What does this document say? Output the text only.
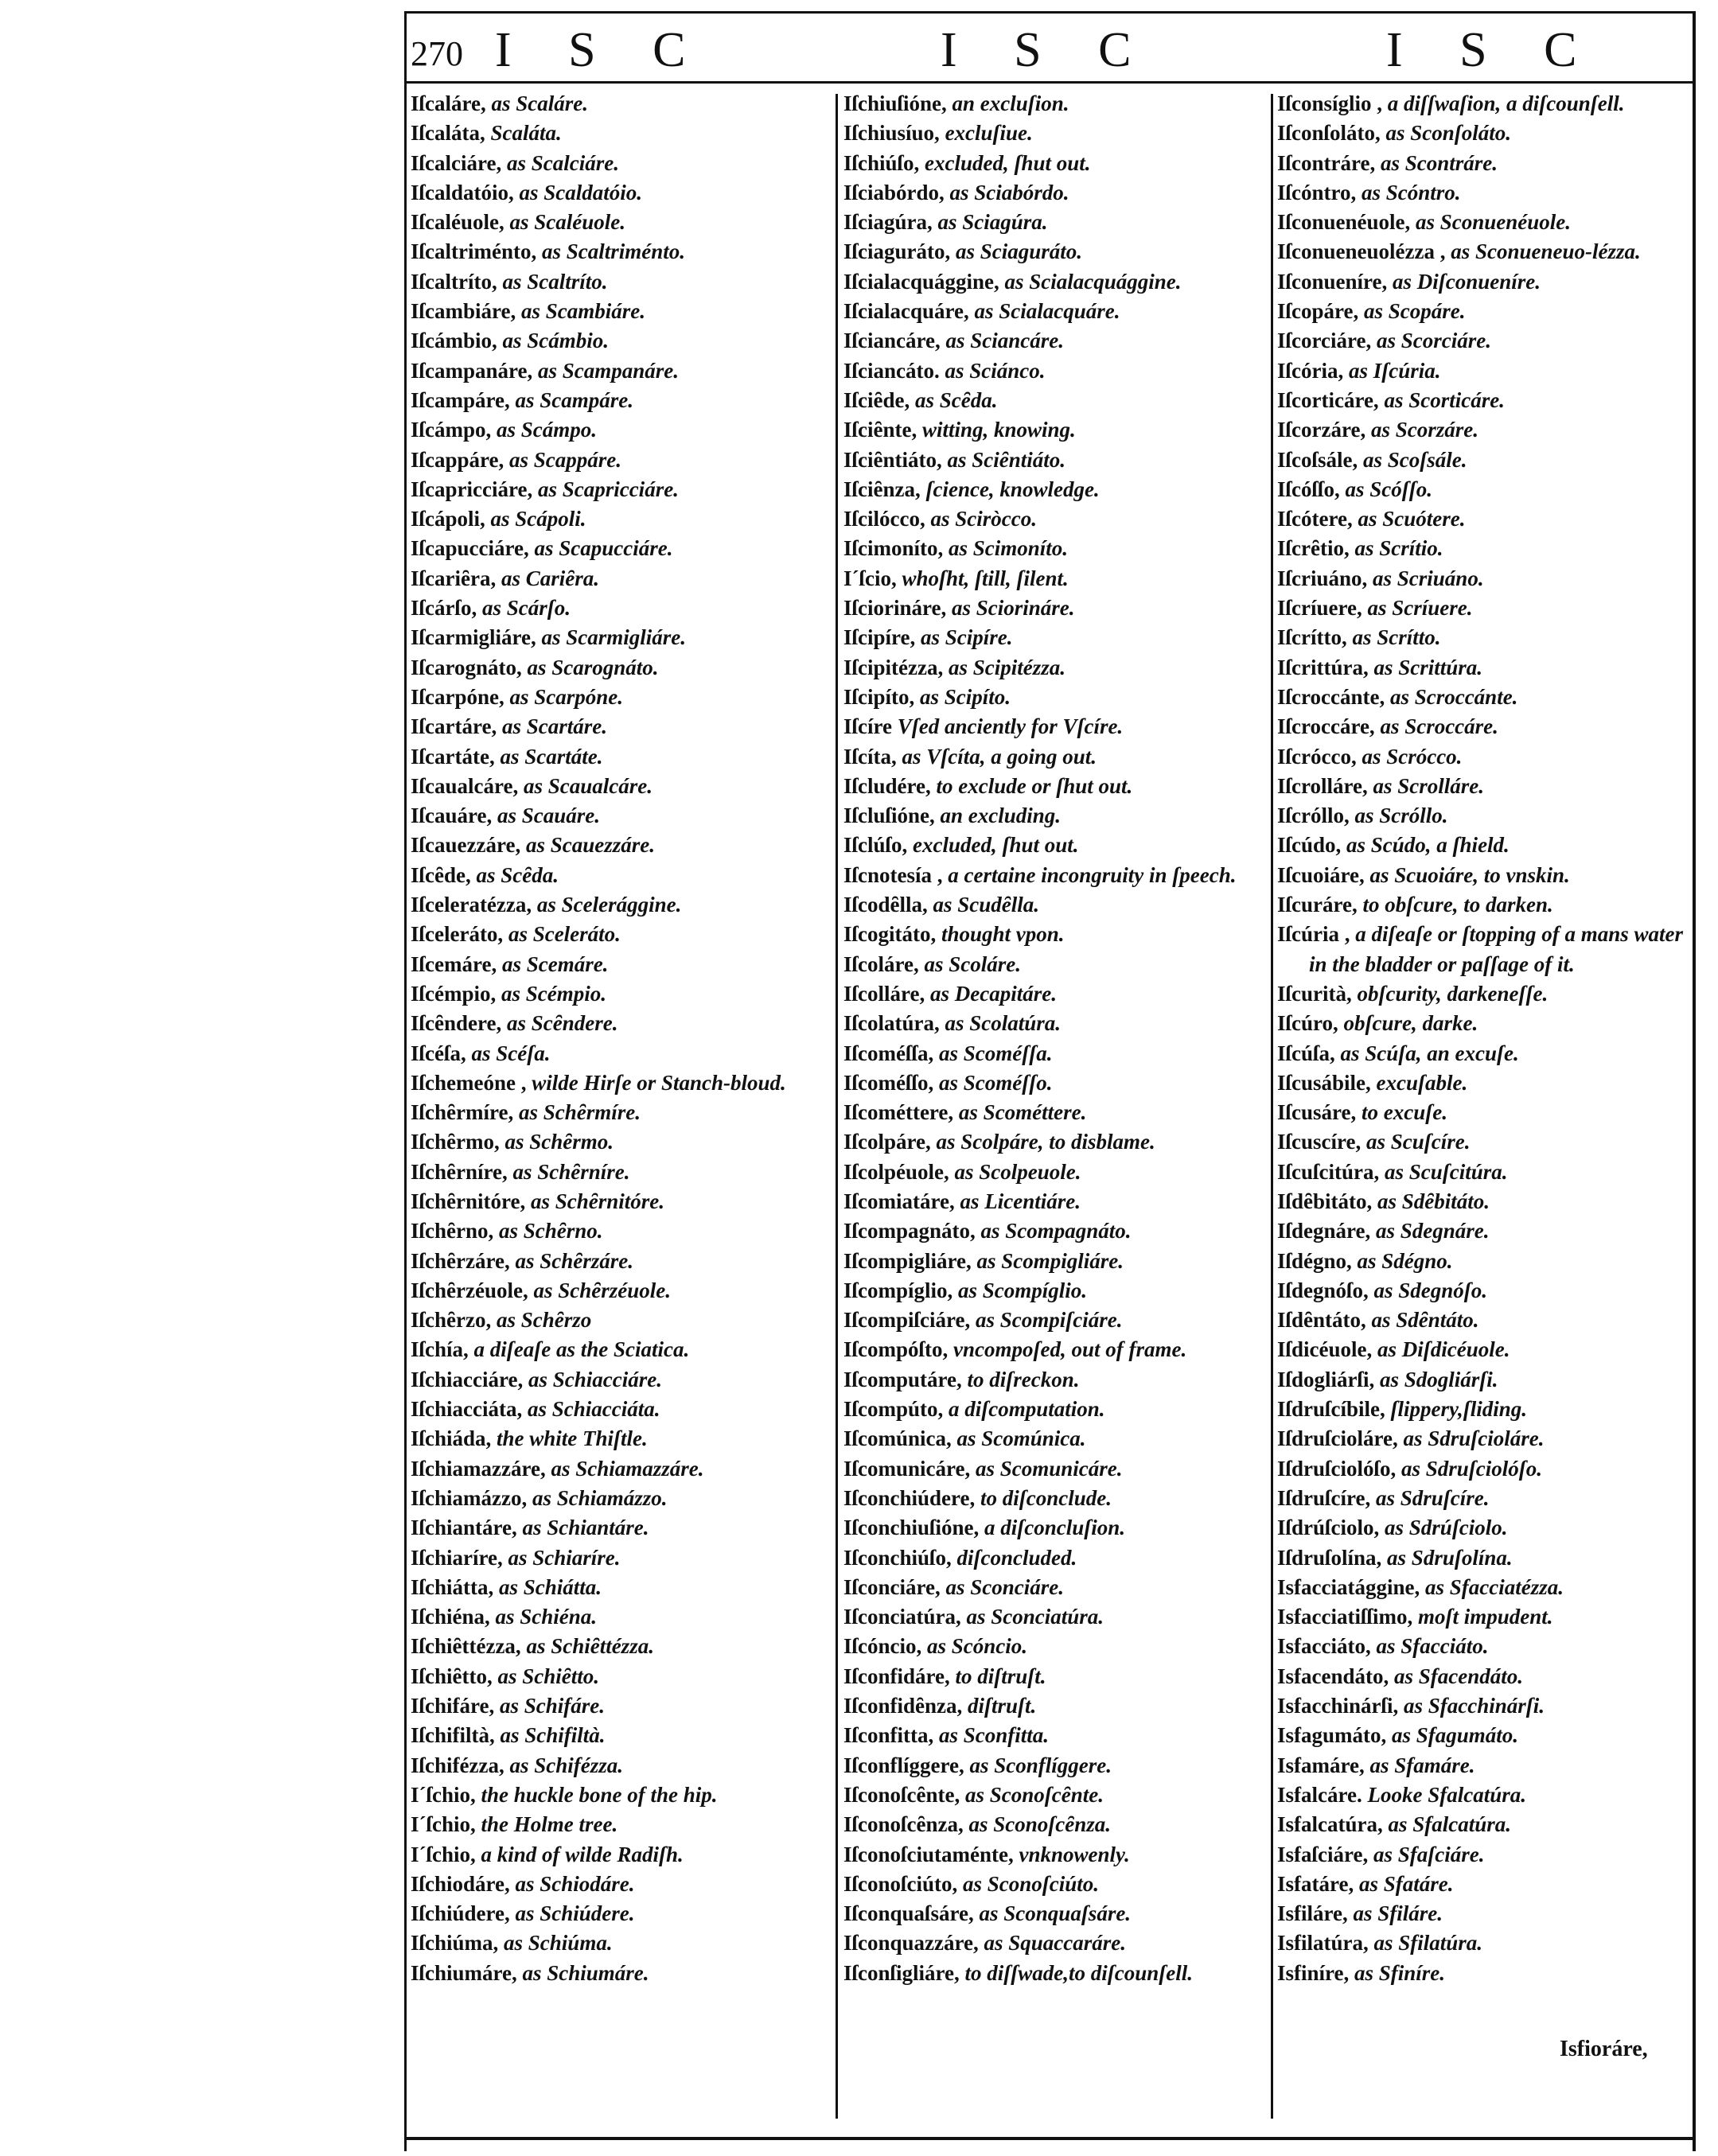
270 I S C	I S C	I S C
Iſcaláre, as Scaláre.
Iſcaláta, Scaláta.
Iſcalciáre, as Scalciáre.
Iſcaldatóio, as Scaldatóio.
Iſcaléuole, as Scaléuole.
Iſcaltriménto, as Scaltriménto.
Iſcaltríto, as Scaltríto.
Iſcambiáre, as Scambiáre.
Iſcámbio, as Scámbio.
Iſcampanáre, as Scampanáre.
Iſcampáre, as Scampáre.
Iſcámpo, as Scámpo.
Iſcappáre, as Scappáre.
Iſcapricciáre, as Scapricciáre.
Iſcápoli, as Scápoli.
Iſcapucciáre, as Scapucciáre.
Iſcariȇra, as Cariȇra.
Iſcárſo, as Scárſo.
Iſcarmigliáre, as Scarmigliáre.
Iſcarognáto, as Scarognáto.
Iſcarpóne, as Scarpóne.
Iſcartáre, as Scartáre.
Iſcartáte, as Scartáte.
Iſcaualcáre, as Scaualcáre.
Iſcauáre, as Scauáre.
Iſcauezzáre, as Scauezzáre.
Iſcȇde, as Scȇda.
Iſceleratézza, as Scelerággine.
Iſceleráto, as Sceleráto.
Iſcemáre, as Scemáre.
Iſcémpio, as Scémpio.
Iſcȇndere, as Scȇndere.
Iſcéſa, as Scéſa.
Iſchemeóne , wilde Hirſe or Stanch-bloud.
Iſchȇrmíre, as Schȇrmíre.
Iſchȇrmo, as Schȇrmo.
Iſchȇrníre, as Schȇrníre.
Iſchȇrnitóre, as Schȇrnitóre.
Iſchȇrno, as Schȇrno.
Iſchȇrzáre, as Schȇrzáre.
Iſchȇrzéuole, as Schȇrzéuole.
Iſchȇrzo, as Schȇrzo
Iſchía, a diſeaſe as the Sciatica.
Iſchiacciáre, as Schiacciáre.
Iſchiacciáta, as Schiacciáta.
Iſchiáda, the white Thiſtle.
Iſchiamazzáre, as Schiamazzáre.
Iſchiamázzo, as Schiamázzo.
Iſchiantáre, as Schiantáre.
Iſchiaríre, as Schiaríre.
Iſchiátta, as Schiátta.
Iſchiéna, as Schiéna.
Iſchiȇttézza, as Schiȇttézza.
Iſchiȇtto, as Schiȇtto.
Iſchifáre, as Schifáre.
Iſchifiltà, as Schifiltà.
Iſchifézza, as Schifézza.
Iˊſchio, the huckle bone of the hip.
Iˊſchio, the Holme tree.
Iˊſchio, a kind of wilde Radiſh.
Iſchiodáre, as Schiodáre.
Iſchiúdere, as Schiúdere.
Iſchiúma, as Schiúma.
Iſchiumáre, as Schiumáre.
Iſchiuſióne, an excluſion.
Iſchiusíuo, excluſiue.
Iſchiúſo, excluded, ſhut out.
Iſciabórdo, as Sciabórdo.
Iſciagúra, as Sciagúra.
Iſciaguráto, as Sciaguráto.
Iſcialacquággine, as Scialacquággine.
Iſcialacquáre, as Scialacquáre.
Iſciancáre, as Sciancáre.
Iſciancáto. as Sciánco.
Iſciȇde, as Scȇda.
Iſciȇnte, witting, knowing.
Iſciȇntiáto, as Sciȇntiáto.
Iſciȇnza, ſcience, knowledge.
Iſcilócco, as Sciròcco.
Iſcimoníto, as Scimoníto.
Iˊſcio, whoſht, ſtill, ſilent.
Iſciorináre, as Sciorináre.
Iſcipíre, as Scipíre.
Iſcipitézza, as Scipitézza.
Iſcipíto, as Scipíto.
Iſcíre Vſed anciently for Vſcíre.
Iſcíta, as Vſcíta, a going out.
Iſcludére, to exclude or ſhut out.
Iſcluſióne, an excluding.
Iſclúſo, excluded, ſhut out.
Iſcnotesía , a certaine incongruity in ſpeech.
Iſcodȇlla, as Scudȇlla.
Iſcogitáto, thought vpon.
Iſcoláre, as Scoláre.
Iſcolláre, as Decapitáre.
Iſcolatúra, as Scolatúra.
Iſcoméſſa, as Scoméſſa.
Iſcoméſſo, as Scoméſſo.
Iſcométtere, as Scométtere.
Iſcolpáre, as Scolpáre, to disblame.
Iſcolpéuole, as Scolpeuole.
Iſcomiatáre, as Licentiáre.
Iſcompagnáto, as Scompagnáto.
Iſcompigliáre, as Scompigliáre.
Iſcompíglio, as Scompíglio.
Iſcompiſciáre, as Scompiſciáre.
Iſcompóſto, vncompoſed, out of frame.
Iſcomputáre, to diſreckon.
Iſcompúto, a diſcomputation.
Iſcomúnica, as Scomúnica.
Iſcomunicáre, as Scomunicáre.
Iſconchiúdere, to diſconclude.
Iſconchiuſióne, a diſconcluſion.
Iſconchiúſo, diſconcluded.
Iſconciáre, as Sconciáre.
Iſconciatúra, as Sconciatúra.
Iſcóncio, as Scóncio.
Iſconfidáre, to diſtruſt.
Iſconfidȇnza, diſtruſt.
Iſconfitta, as Sconfitta.
Iſconflíggere, as Sconflíggere.
Iſconoſcȇnte, as Sconoſcȇnte.
Iſconoſcȇnza, as Sconoſcȇnza.
Iſconoſciutaménte, vnknowenly.
Iſconoſciúto, as Sconoſciúto.
Iſconquaſsáre, as Sconquaſsáre.
Iſconquazzáre, as Squaccaráre.
Iſconſigliáre, to diſſwade,to diſcounſell.
Iſconsíglio , a diſſwaſion, a diſcounſell.
Iſconſoláto, as Sconſoláto.
Iſcontráre, as Scontráre.
Iſcóntro, as Scóntro.
Iſconuenéuole, as Sconuenéuole.
Iſconueneuolézza , as Sconueneuo-lézza.
Iſconueníre, as Diſconueníre.
Iſcopáre, as Scopáre.
Iſcorciáre, as Scorciáre.
Iſcória, as Iſcúria.
Iſcorticáre, as Scorticáre.
Iſcorzáre, as Scorzáre.
Iſcoſsále, as Scoſsále.
Iſcóſſo, as Scóſſo.
Iſcótere, as Scuótere.
Iſcrȇtio, as Scrítio.
Iſcriuáno, as Scriuáno.
Iſcríuere, as Scríuere.
Iſcrítto, as Scrítto.
Iſcrittúra, as Scrittúra.
Iſcroccánte, as Scroccánte.
Iſcroccáre, as Scroccáre.
Iſcrócco, as Scrócco.
Iſcrolláre, as Scrolláre.
Iſcróllo, as Scróllo.
Iſcúdo, as Scúdo, a ſhield.
Iſcuoiáre, as Scuoiáre, to vnskin.
Iſcuráre, to obſcure, to darken.
Iſcúria , a diſeaſe or ſtopping of a mans water in the bladder or paſſage of it.
Iſcurità, obſcurity, darkeneſſe.
Iſcúro, obſcure, darke.
Iſcúſa, as Scúſa, an excuſe.
Iſcusábile, excuſable.
Iſcusáre, to excuſe.
Iſcuscíre, as Scuſcíre.
Iſcuſcitúra, as Scuſcitúra.
Iſdȇbitáto, as Sdȇbitáto.
Iſdegnáre, as Sdegnáre.
Iſdégno, as Sdégno.
Iſdegnóſo, as Sdegnóſo.
Iſdȇntáto, as Sdȇntáto.
Iſdicéuole, as Diſdicéuole.
Iſdogliárſi, as Sdogliárſi.
Iſdruſcíbile, ſlippery,ſliding.
Iſdruſcioláre, as Sdruſcioláre.
Iſdruſciolóſo, as Sdruſciolóſo.
Iſdruſcíre, as Sdruſcíre.
Iſdrúſciolo, as Sdrúſciolo.
Iſdruſolína, as Sdruſolína.
Isfacciatággine, as Sfacciatézza.
Isfacciatiſſimo, moſt impudent.
Isfacciáto, as Sfacciáto.
Isfacendáto, as Sfacendáto.
Isfacchinárſi, as Sfacchinárſi.
Isfagumáto, as Sfagumáto.
Isfamáre, as Sfamáre.
Isfalcáre. Looke Sfalcatúra.
Isfalcatúra, as Sfalcatúra.
Isfaſciáre, as Sfaſciáre.
Isfatáre, as Sfatáre.
Isfiláre, as Sfiláre.
Isfilatúra, as Sfilatúra.
Isfiníre, as Sfiníre.
Isfioráre,
